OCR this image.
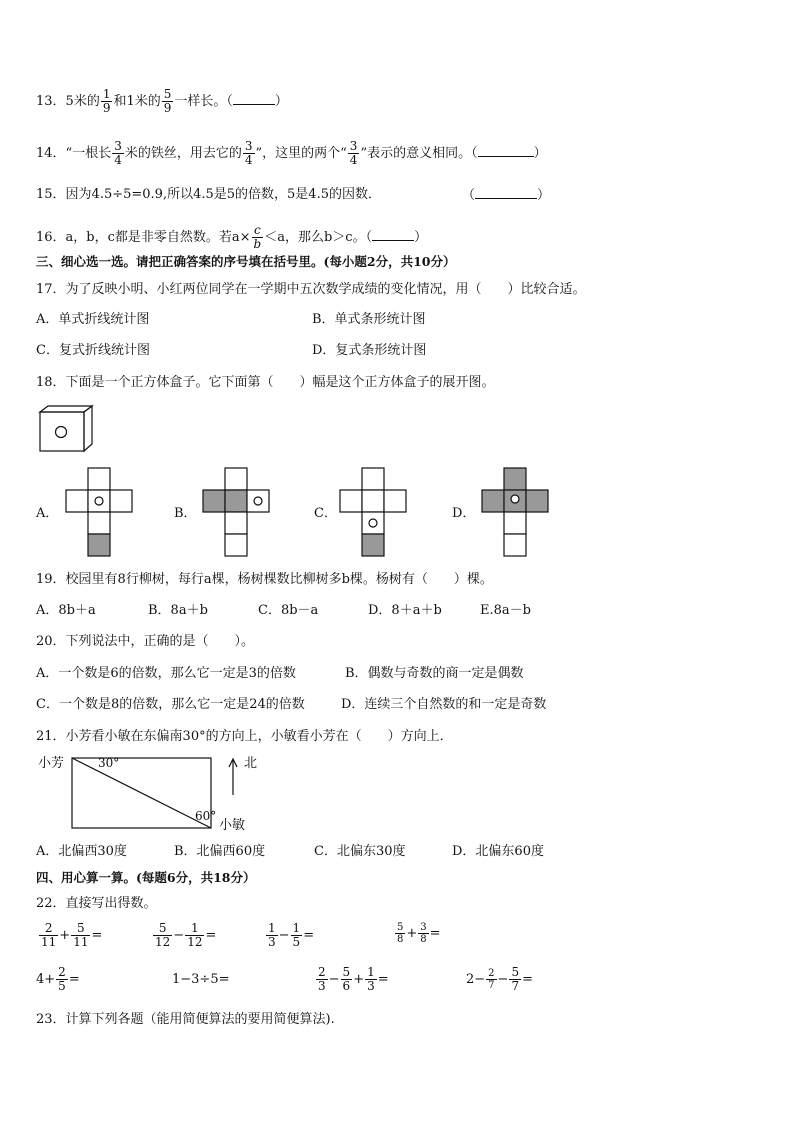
13．5米的 $\frac{1}{9}$ 和1米的 $\frac{5}{9}$ 一样长。（	）
14．“一根长 $\frac{3}{4}$ 米的铁丝，用去它的 $\frac{3}{4}$ ”，这里的两个“ $\frac{3}{4}$ ”表示的意义相同。（	）
15．因为4.5÷5=0.9,所以4.5是5的倍数，5是4.5的因数．	（	）
16．a，b，c都是非零自然数。若$a\times \frac{c}{b} <a$，那么b＞c。（	）
三、细心选一选。请把正确答案的序号填在括号里。(每小题2分，共10分）
17．为了反映小明、小红两位同学在一学期中五次数学成绩的变化情况，用（　　）比较合适。
A．单式折线统计图	B．单式条形统计图
C．复式折线统计图	D．复式条形统计图
18．下面是一个正方体盒子。它下面第（　　）幅是这个正方体盒子的展开图。
A．	B．	C．	D．
19．校园里有8行柳树，每行a棵，杨树棵数比柳树多b棵。杨树有（　　）棵。
A．8b＋a	B．8a＋b	C．8b－a	D．8＋a＋b	E.8a－b
20．下列说法中，正确的是（　　）。
A．一个数是6的倍数，那么它一定是3的倍数	B．偶数与奇数的商一定是偶数
C．一个数是8的倍数，那么它一定是24的倍数	D．连续三个自然数的和一定是奇数
21．小芳看小敏在东偏南30°的方向上，小敏看小芳在（　　）方向上．
小芳	30°
60°
北
小敏
A．北偏西30度	B．北偏西60度	C．北偏东30度	D．北偏东60度
四、用心算一算。(每题6分，共18分）
22．直接写出得数。
$\frac{2}{11} + \frac{5}{11}$ =	$\frac{5}{12} - \frac{1}{12}$ =	$\frac{1}{3} - \frac{1}{5}$ =	$\frac{5}{8} + \frac{3}{8}$ =
$4+ \frac{2}{5}$ =	1−3÷5=	$\frac{2}{3} - \frac{5}{6} + \frac{1}{3}$ =	$2- \frac{2}{7} - \frac{5}{7}$ =
23．计算下列各题（能用简便算法的要用简便算法).
